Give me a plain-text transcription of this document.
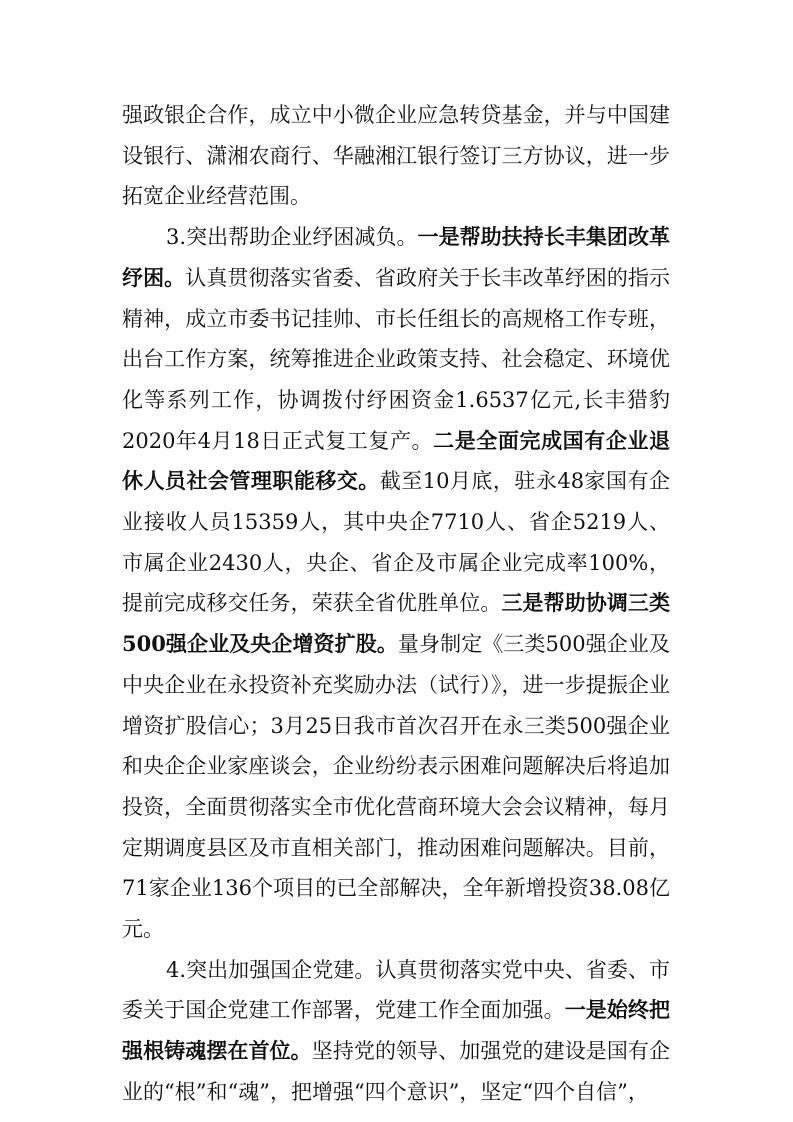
强政银企合作，成立中小微企业应急转贷基金，并与中国建设银行、潇湘农商行、华融湘江银行签订三方协议，进一步拓宽企业经营范围。

3.突出帮助企业纾困减负。一是帮助扶持长丰集团改革纾困。认真贯彻落实省委、省政府关于长丰改革纾困的指示精神，成立市委书记挂帅、市长任组长的高规格工作专班，出台工作方案，统筹推进企业政策支持、社会稳定、环境优化等系列工作，协调拨付纾困资金1.6537亿元,长丰猎豹2020年4月18日正式复工复产。二是全面完成国有企业退休人员社会管理职能移交。截至10月底，驻永48家国有企业接收人员15359人，其中央企7710人、省企5219人、市属企业2430人，央企、省企及市属企业完成率100%，提前完成移交任务，荣获全省优胜单位。三是帮助协调三类500强企业及央企增资扩股。量身制定《三类500强企业及中央企业在永投资补充奖励办法（试行）》，进一步提振企业增资扩股信心；3月25日我市首次召开在永三类500强企业和央企企业家座谈会，企业纷纷表示困难问题解决后将追加投资，全面贯彻落实全市优化营商环境大会会议精神，每月定期调度县区及市直相关部门，推动困难问题解决。目前，71家企业136个项目的已全部解决，全年新增投资38.08亿元。

4.突出加强国企党建。认真贯彻落实党中央、省委、市委关于国企党建工作部署，党建工作全面加强。一是始终把强根铸魂摆在首位。坚持党的领导、加强党的建设是国有企业的“根”和“魂”，把增强“四个意识”，坚定“四个自信”，
